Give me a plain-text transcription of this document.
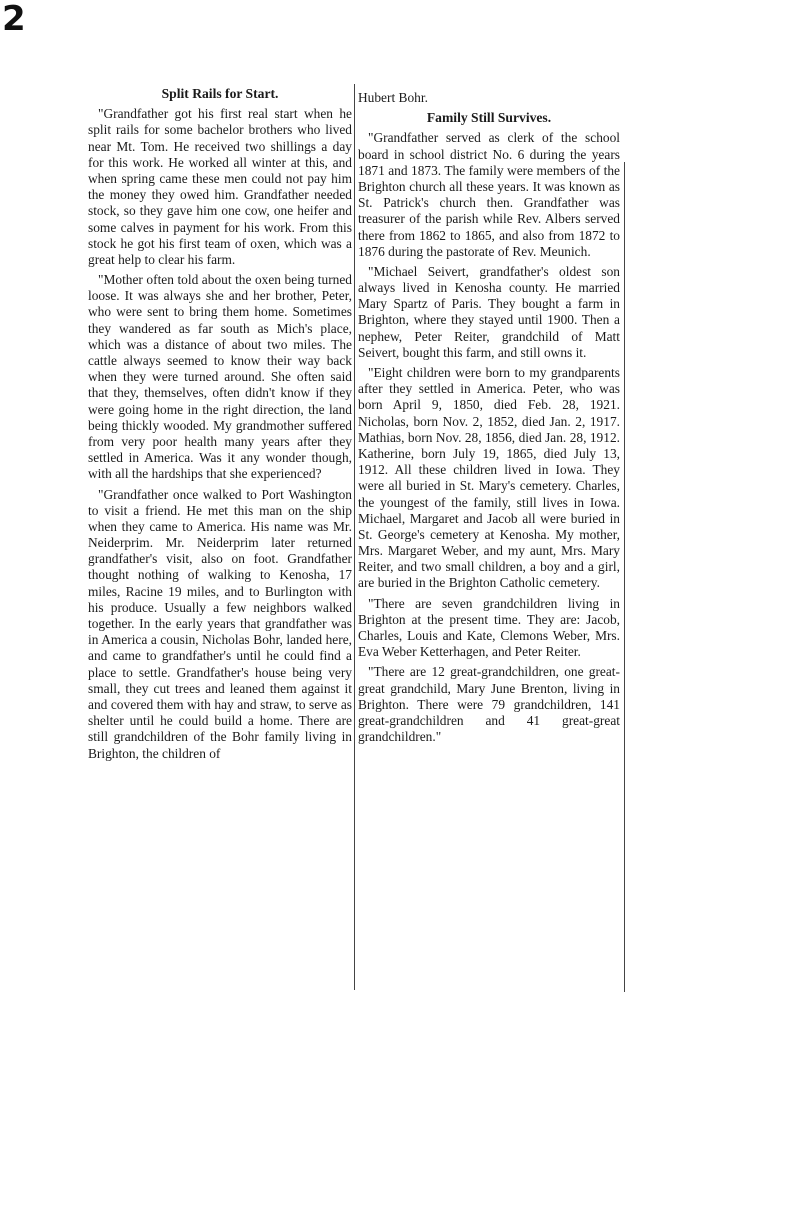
2
Split Rails for Start.

"Grandfather got his first real start when he split rails for some bachelor brothers who lived near Mt. Tom. He received two shillings a day for this work. He worked all winter at this, and when spring came these men could not pay him the money they owed him. Grandfather needed stock, so they gave him one cow, one heifer and some calves in payment for his work. From this stock he got his first team of oxen, which was a great help to clear his farm.

"Mother often told about the oxen being turned loose. It was always she and her brother, Peter, who were sent to bring them home. Sometimes they wandered as far south as Mich's place, which was a distance of about two miles. The cattle always seemed to know their way back when they were turned around. She often said that they, themselves, often didn't know if they were going home in the right direction, the land being thickly wooded. My grandmother suffered from very poor health many years after they settled in America. Was it any wonder though, with all the hardships that she experienced?

"Grandfather once walked to Port Washington to visit a friend. He met this man on the ship when they came to America. His name was Mr. Neiderprim. Mr. Neiderprim later returned grandfather's visit, also on foot. Grandfather thought nothing of walking to Kenosha, 17 miles, Racine 19 miles, and to Burlington with his produce. Usually a few neighbors walked together. In the early years that grandfather was in America a cousin, Nicholas Bohr, landed here, and came to grandfather's until he could find a place to settle. Grandfather's house being very small, they cut trees and leaned them against it and covered them with hay and straw, to serve as shelter until he could build a home. There are still grandchildren of the Bohr family living in Brighton, the children of

Hubert Bohr.

Family Still Survives.

"Grandfather served as clerk of the school board in school district No. 6 during the years 1871 and 1873. The family were members of the Brighton church all these years. It was known as St. Patrick's church then. Grandfather was treasurer of the parish while Rev. Albers served there from 1862 to 1865, and also from 1872 to 1876 during the pastorate of Rev. Meunich.

"Michael Seivert, grandfather's oldest son always lived in Kenosha county. He married Mary Spartz of Paris. They bought a farm in Brighton, where they stayed until 1900. Then a nephew, Peter Reiter, grandchild of Matt Seivert, bought this farm, and still owns it.

"Eight children were born to my grandparents after they settled in America. Peter, who was born April 9, 1850, died Feb. 28, 1921. Nicholas, born Nov. 2, 1852, died Jan. 2, 1917. Mathias, born Nov. 28, 1856, died Jan. 28, 1912. Katherine, born July 19, 1865, died July 13, 1912. All these children lived in Iowa. They were all buried in St. Mary's cemetery. Charles, the youngest of the family, still lives in Iowa. Michael, Margaret and Jacob all were buried in St. George's cemetery at Kenosha. My mother, Mrs. Margaret Weber, and my aunt, Mrs. Mary Reiter, and two small children, a boy and a girl, are buried in the Brighton Catholic cemetery.

"There are seven grandchildren living in Brighton at the present time. They are: Jacob, Charles, Louis and Kate, Clemons Weber, Mrs. Eva Weber Ketterhagen, and Peter Reiter.

"There are 12 great-grandchildren, one great-great grandchild, Mary June Brenton, living in Brighton. There were 79 grandchildren, 141 great-grandchildren and 41 great-great grandchildren."
